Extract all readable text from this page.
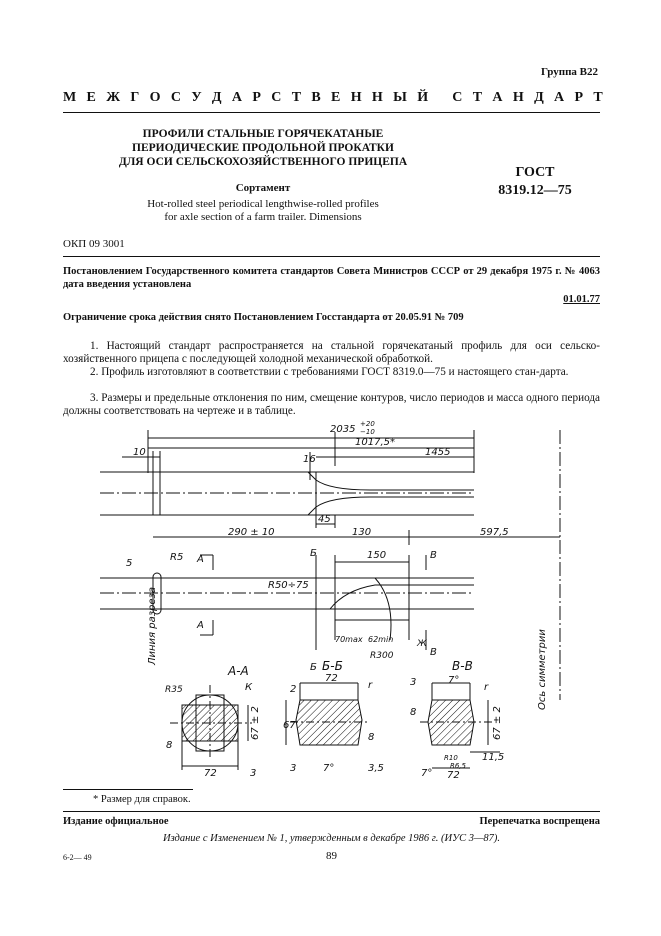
Группа В22
М Е Ж Г О С У Д А Р С Т В Е Н Н Ы Й
С Т А Н Д А Р Т
ПРОФИЛИ СТАЛЬНЫЕ ГОРЯЧЕКАТАНЫЕ
ПЕРИОДИЧЕСКИЕ ПРОДОЛЬНОЙ ПРОКАТКИ
ДЛЯ ОСИ СЕЛЬСКОХОЗЯЙСТВЕННОГО ПРИЦЕПА
Сортамент
Hot-rolled steel periodical lengthwise-rolled profiles
for axle section of a farm trailer. Dimensions
ГОСТ
8319.12—75
ОКП 09 3001
Постановлением Государственного комитета стандартов Совета Министров СССР от 29 декабря 1975 г. № 4063 дата введения установлена
01.01.77
Ограничение срока действия снято Постановлением Госстандарта от 20.05.91 № 709
1. Настоящий стандарт распространяется на стальной горячекатаный профиль для оси сельско-хозяйственного прицепа с последующей холодной механической обработкой.
2. Профиль изготовляют в соответствии с требованиями ГОСТ 8319.0—75 и настоящего стан-дарта.
3. Размеры и предельные отклонения по ним, смещение контуров, число периодов и масса одного периода должны соответствовать на чертеже и в таблице.
2035 +20
−10
1017,5*
10	1455
16
45
290 ± 10	130	597,5
R5	150
R50÷75
5
70max 62min
R300
А
А
Б
Б
В
В
Ж
Линия разреза
Ось симметрии
А-А	Б-Б	В-В
К
R35
72	3
8
67 ± 2
72
2
67
8
3	7°	3,5
r	3	7°
r
8	67 ± 2
R10
R6,5
11,5
7° 72
* Размер для справок.
Издание официальное	Перепечатка воспрещена
Издание с Изменением № 1, утвержденным в декабре 1986 г. (ИУС 3—87).
89
6-2— 49
